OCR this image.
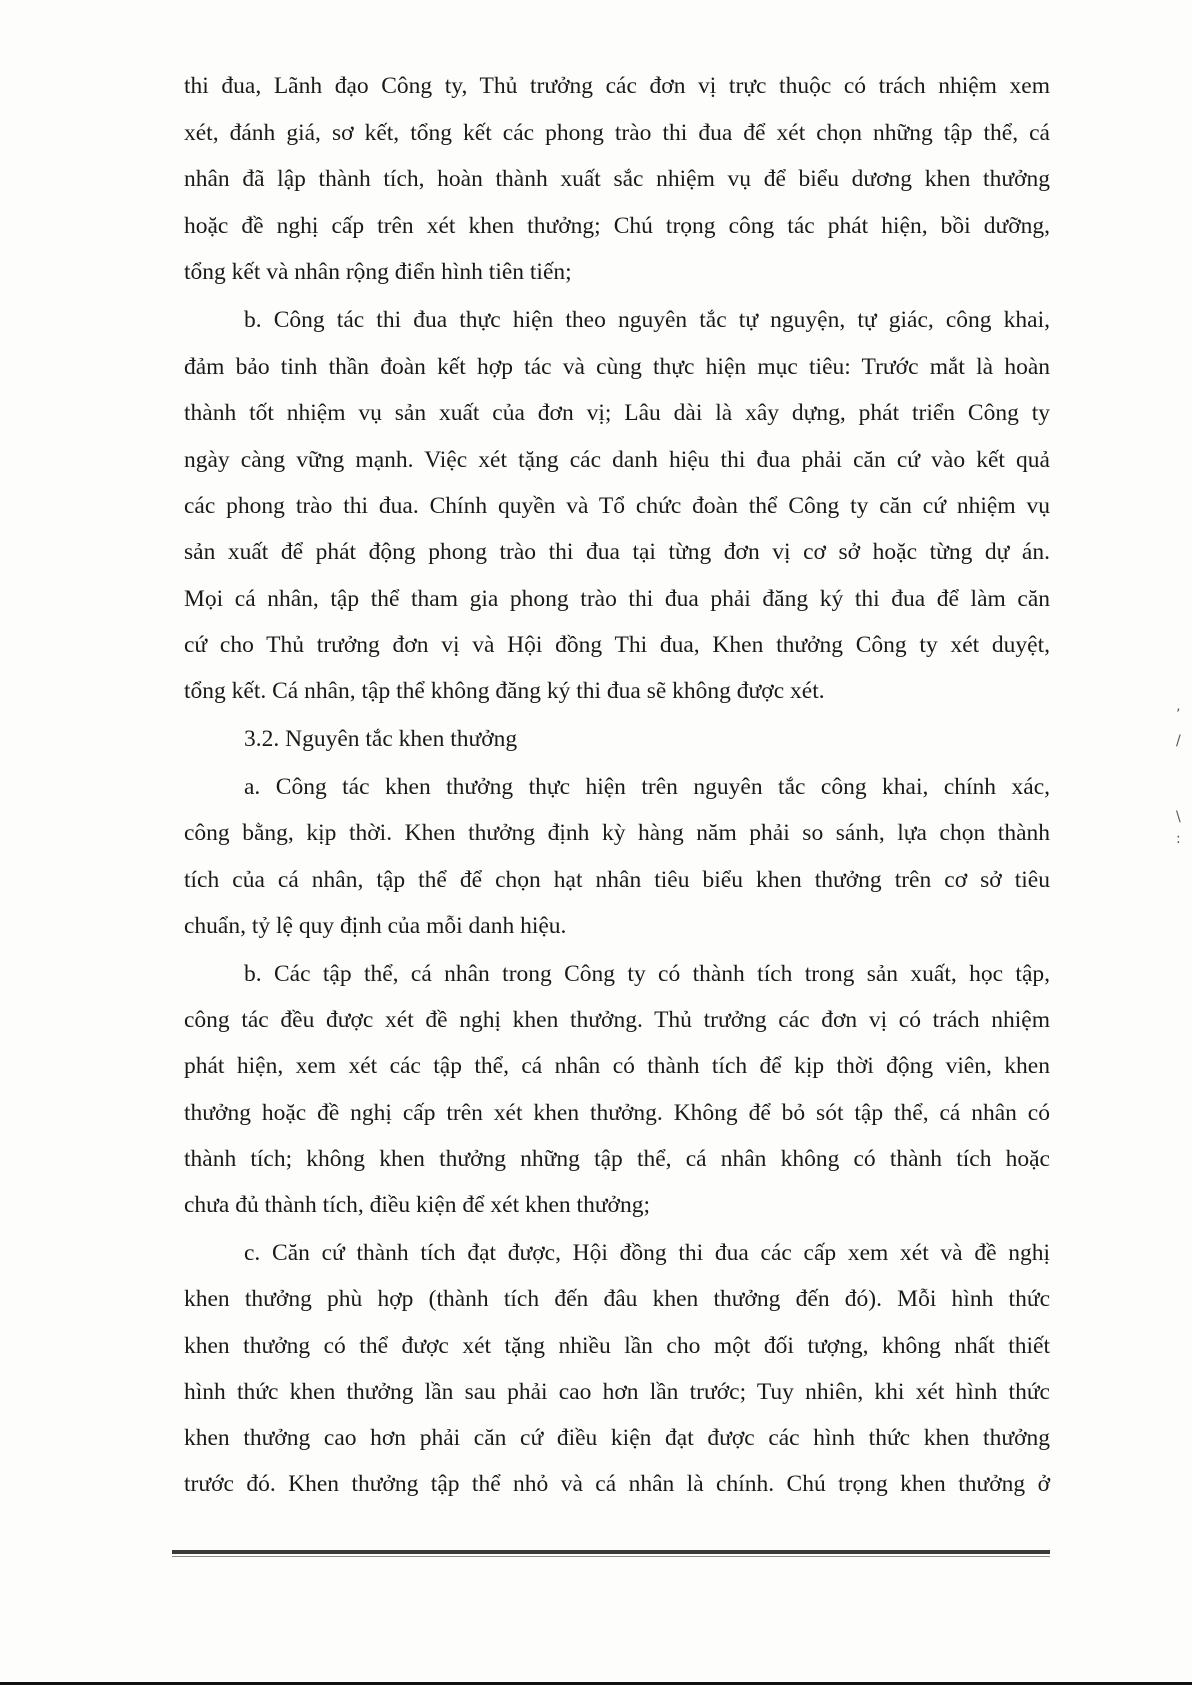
thi đua, Lãnh đạo Công ty, Thủ trưởng các đơn vị trực thuộc có trách nhiệm xem
xét, đánh giá, sơ kết, tổng kết các phong trào thi đua để xét chọn những tập thể, cá
nhân đã lập thành tích, hoàn thành xuất sắc nhiệm vụ để biểu dương khen thưởng
hoặc đề nghị cấp trên xét khen thưởng; Chú trọng công tác phát hiện, bồi dưỡng,
tổng kết và nhân rộng điển hình tiên tiến;
b. Công tác thi đua thực hiện theo nguyên tắc tự nguyện, tự giác, công khai,
đảm bảo tinh thần đoàn kết hợp tác và cùng thực hiện mục tiêu: Trước mắt là hoàn
thành tốt nhiệm vụ sản xuất của đơn vị; Lâu dài là xây dựng, phát triển Công ty
ngày càng vững mạnh. Việc xét tặng các danh hiệu thi đua phải căn cứ vào kết quả
các phong trào thi đua. Chính quyền và Tổ chức đoàn thể Công ty căn cứ nhiệm vụ
sản xuất để phát động phong trào thi đua tại từng đơn vị cơ sở hoặc từng dự án.
Mọi cá nhân, tập thể tham gia phong trào thi đua phải đăng ký thi đua để làm căn
cứ cho Thủ trưởng đơn vị và Hội đồng Thi đua, Khen thưởng Công ty xét duyệt,
tổng kết. Cá nhân, tập thể không đăng ký thi đua sẽ không được xét.
3.2. Nguyên tắc khen thưởng
a. Công tác khen thưởng thực hiện trên nguyên tắc công khai, chính xác,
công bằng, kịp thời. Khen thưởng định kỳ hàng năm phải so sánh, lựa chọn thành
tích của cá nhân, tập thể để chọn hạt nhân tiêu biểu khen thưởng trên cơ sở tiêu
chuẩn, tỷ lệ quy định của mỗi danh hiệu.
b. Các tập thể, cá nhân trong Công ty có thành tích trong sản xuất, học tập,
công tác đều được xét đề nghị khen thưởng. Thủ trưởng các đơn vị có trách nhiệm
phát hiện, xem xét các tập thể, cá nhân có thành tích để kịp thời động viên, khen
thưởng hoặc đề nghị cấp trên xét khen thưởng. Không để bỏ sót tập thể, cá nhân có
thành tích; không khen thưởng những tập thể, cá nhân không có thành tích hoặc
chưa đủ thành tích, điều kiện để xét khen thưởng;
c. Căn cứ thành tích đạt được, Hội đồng thi đua các cấp xem xét và đề nghị
khen thưởng phù hợp (thành tích đến đâu khen thưởng đến đó). Mỗi hình thức
khen thưởng có thể được xét tặng nhiều lần cho một đối tượng, không nhất thiết
hình thức khen thưởng lần sau phải cao hơn lần trước; Tuy nhiên, khi xét hình thức
khen thưởng cao hơn phải căn cứ điều kiện đạt được các hình thức khen thưởng
trước đó. Khen thưởng tập thể nhỏ và cá nhân là chính. Chú trọng khen thưởng ở
’
/
\
:
